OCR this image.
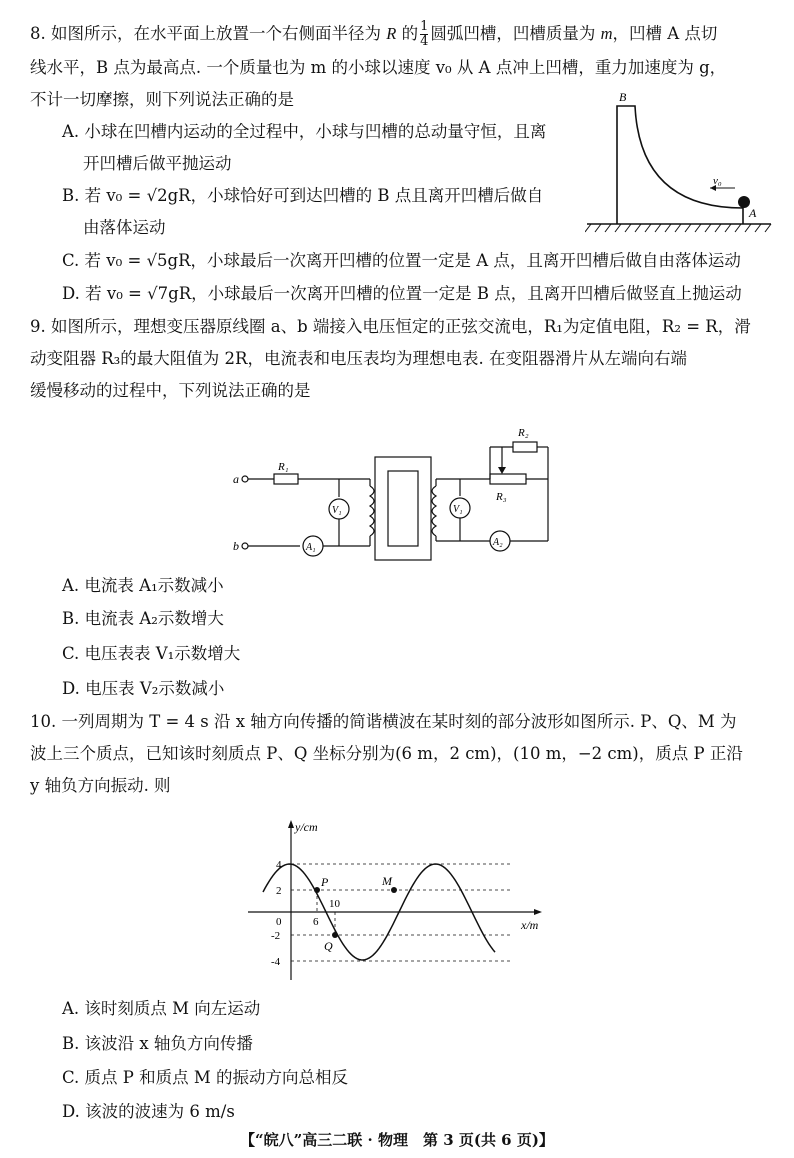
8. 如图所示，在水平面上放置一个右侧面半径为 R 的 $\frac{1}{4}$ 圆弧凹槽，凹槽质量为 m，凹槽 A 点切
线水平，B 点为最高点. 一个质量也为 m 的小球以速度 v₀ 从 A 点冲上凹槽，重力加速度为 g，
不计一切摩擦，则下列说法正确的是
A. 小球在凹槽内运动的全过程中，小球与凹槽的总动量守恒，且离
开凹槽后做平抛运动
B. 若 v₀ = √2gR，小球恰好可到达凹槽的 B 点且离开凹槽后做自
由落体运动
C. 若 v₀ = √5gR，小球最后一次离开凹槽的位置一定是 A 点，且离开凹槽后做自由落体运动
D. 若 v₀ = √7gR，小球最后一次离开凹槽的位置一定是 B 点，且离开凹槽后做竖直上抛运动
B
A
v₀
9. 如图所示，理想变压器原线圈 a、b 端接入电压恒定的正弦交流电，R₁为定值电阻，R₂ = R，滑
动变阻器 R₃的最大阻值为 2R，电流表和电压表均为理想电表. 在变阻器滑片从左端向右端
缓慢移动的过程中，下列说法正确的是
a
b
R₁
R₂
R₃
V₁	V₁
A₁	A₂
A. 电流表 A₁示数减小
B. 电流表 A₂示数增大
C. 电压表表 V₁示数增大
D. 电压表 V₂示数减小
10. 一列周期为 T = 4 s 沿 x 轴方向传播的简谐横波在某时刻的部分波形如图所示. P、Q、M 为
波上三个质点，已知该时刻质点 P、Q 坐标分别为(6 m，2 cm)，(10 m，−2 cm)，质点 P 正沿
y 轴负方向振动. 则
y/cm
x/m
4
2
0
-2
-4
6
10
P
Q
M
A. 该时刻质点 M 向左运动
B. 该波沿 x 轴负方向传播
C. 质点 P 和质点 M 的振动方向总相反
D. 该波的波速为 6 m/s
【“皖八”高三二联 · 物理　第 3 页(共 6 页)】
